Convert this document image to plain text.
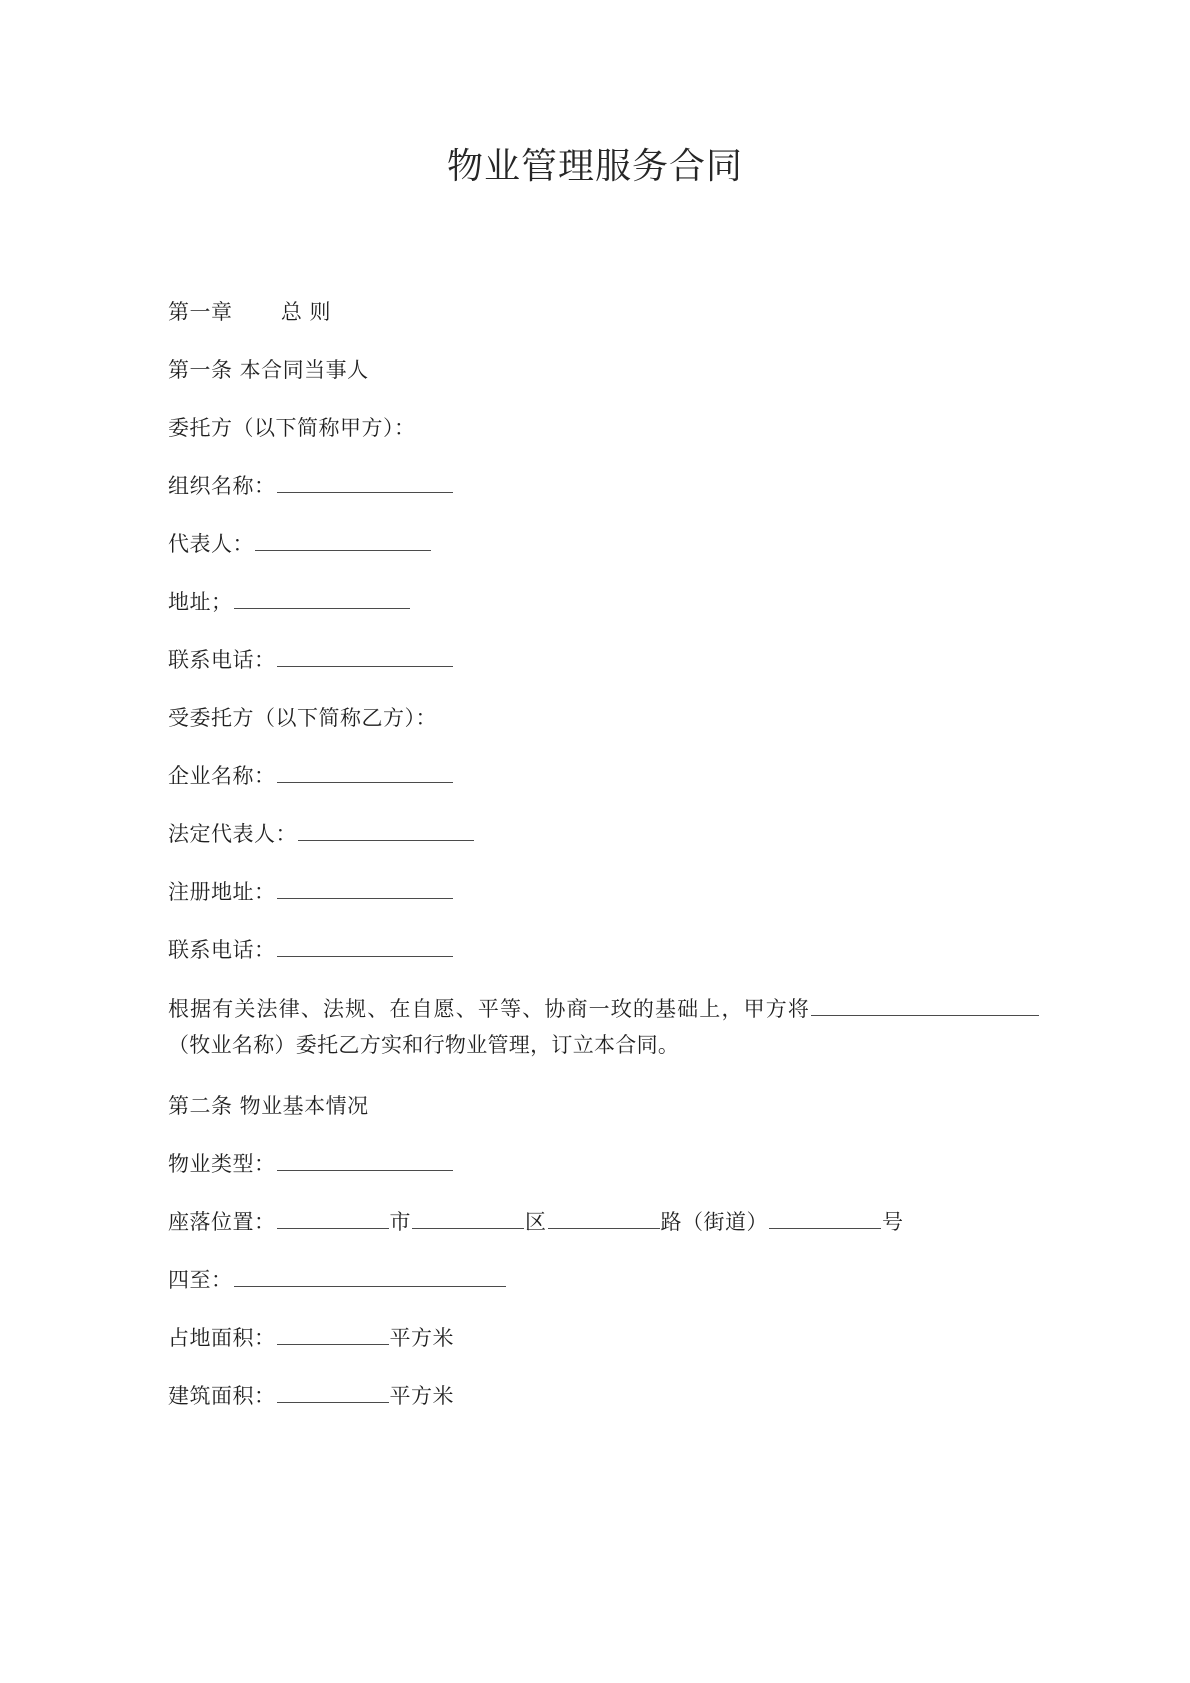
物业管理服务合同
第一章 总 则
第一条 本合同当事人
委托方（以下简称甲方）：
组织名称：
代表人：
地址；
联系电话：
受委托方（以下简称乙方）：
企业名称：
法定代表人：
注册地址：
联系电话：
根据有关法律、法规、在自愿、平等、协商一玫的基础上，甲方将（牧业名称）委托乙方实和行物业管理，订立本合同。
第二条 物业基本情况
物业类型：
座落位置：	市	区	路（街道）	号
四至：
占地面积：	平方米
建筑面积：	平方米
